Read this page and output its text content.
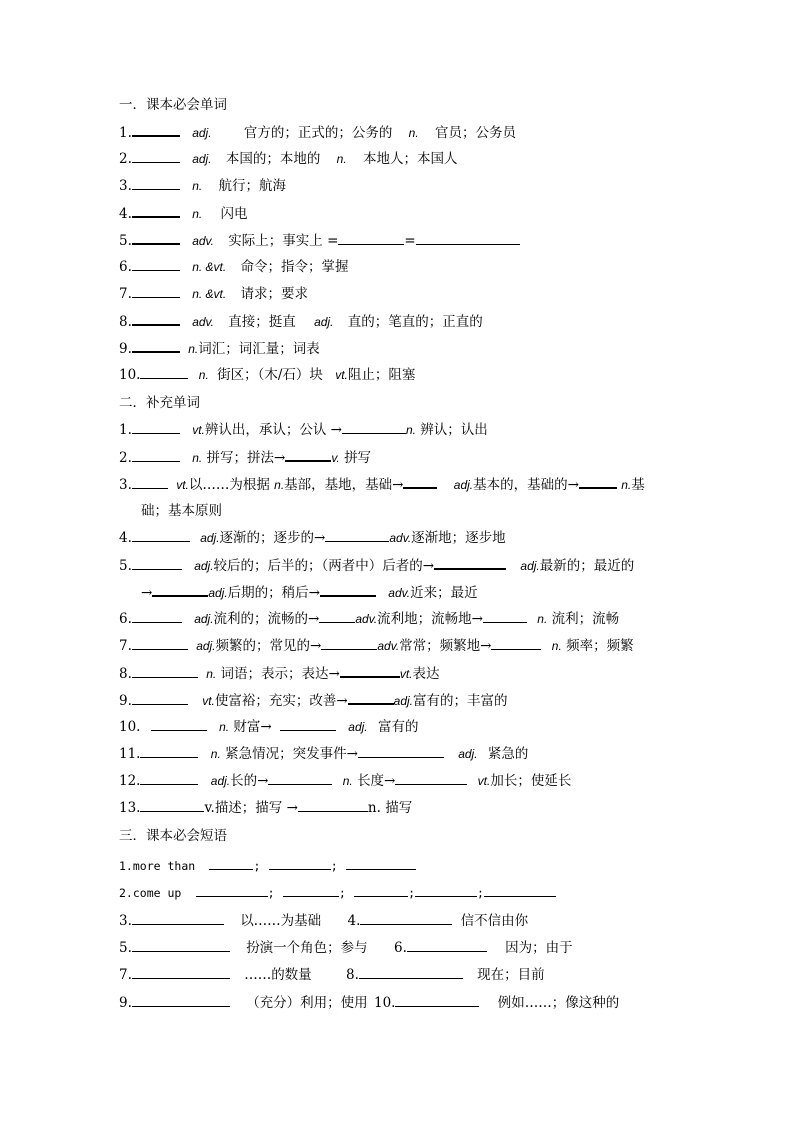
一．课本必会单词
1.	adj. 官方的；正式的；公务的 n. 官员；公务员
2.	adj. 本国的；本地的 n. 本地人；本国人
3.	n. 航行；航海
4.	n. 闪电
5.	adv. 实际上；事实上 =	=
6.	n. &vt. 命令；指令；掌握
7.	n. &vt. 请求；要求
8.	adv. 直接；挺直 adj. 直的；笔直的；正直的
9.	n.词汇；词汇量；词表
10.	n. 街区；（木/石）块 vt.阻止；阻塞
二．补充单词
1.	vt.辨认出，承认；公认 →	n. 辨认；认出
2.	n. 拼写；拼法→	v. 拼写
3.	vt.以……为根据 n.基部，基地，基础→	adj.基本的，基础的→	n.基
础；基本原则
4.	adj.逐渐的；逐步的→	adv.逐渐地；逐步地
5.	adj.较后的；后半的；（两者中）后者的→	adj.最新的；最近的
→	adj.后期的；稍后→	adv.近来；最近
6.	adj.流利的；流畅的→	adv.流利地；流畅地→	n. 流利；流畅
7.	adj.频繁的；常见的→	adv.常常；频繁地→	n. 频率；频繁
8.	n. 词语；表示；表达→	vt.表达
9.	vt.使富裕；充实；改善→	adj.富有的；丰富的
10.	n. 财富→	adj. 富有的
11.	n. 紧急情况；突发事件→	adj. 紧急的
12.	adj.长的→	n. 长度→	vt.加长；使延长
13.	v.描述；描写 →	n. 描写
三．课本必会短语
1.more than	;	;
2.come up	;	;	;	;
3.	以……为基础 4.	信不信由你
5.	扮演一个角色；参与 6.	因为；由于
7.	……的数量	8.	现在；目前
9.	（充分）利用；使用 10.	例如……；像这种的
